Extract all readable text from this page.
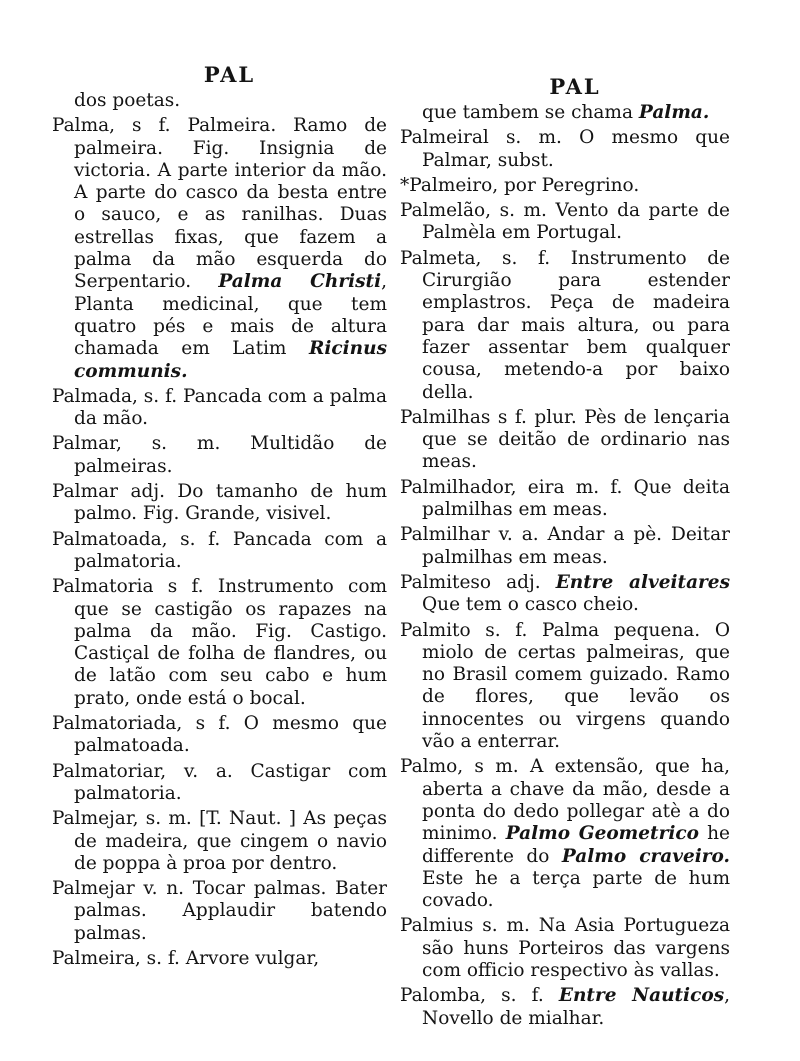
PAL

dos poetas.

Palma, s f. Palmeira. Ramo de palmeira. Fig. Insignia de victoria. A parte interior da mão. A parte do casco da besta entre o sauco, e as ranilhas. Duas estrellas fixas, que fazem a palma da mão esquerda do Serpentario. Palma Christi, Planta medicinal, que tem quatro pés e mais de altura chamada em Latim Ricinus communis.

Palmada, s. f. Pancada com a palma da mão.

Palmar, s. m. Multidão de palmeiras.

Palmar adj. Do tamanho de hum palmo. Fig. Grande, visivel.

Palmatoada, s. f. Pancada com a palmatoria.

Palmatoria s f. Instrumento com que se castigão os rapazes na palma da mão. Fig. Castigo. Castiçal de folha de flandres, ou de latão com seu cabo e hum prato, onde está o bocal.

Palmatoriada, s f. O mesmo que palmatoada.

Palmatoriar, v. a. Castigar com palmatoria.

Palmejar, s. m. [T. Naut. ] As peças de madeira, que cingem o navio de poppa à proa por dentro.

Palmejar v. n. Tocar palmas. Bater palmas. Applaudir batendo palmas.

Palmeira, s. f. Arvore vulgar,

PAL

que tambem se chama Palma.

Palmeiral s. m. O mesmo que Palmar, subst.

*Palmeiro, por Peregrino.

Palmelão, s. m. Vento da parte de Palmèla em Portugal.

Palmeta, s. f. Instrumento de Cirurgião para estender emplastros. Peça de madeira para dar mais altura, ou para fazer assentar bem qualquer cousa, metendo-a por baixo della.

Palmilhas s f. plur. Pès de lençaria que se deitão de ordinario nas meas.

Palmilhador, eira m. f. Que deita palmilhas em meas.

Palmilhar v. a. Andar a pè. Deitar palmilhas em meas.

Palmiteso adj. Entre alveitares Que tem o casco cheio.

Palmito s. f. Palma pequena. O miolo de certas palmeiras, que no Brasil comem guizado. Ramo de flores, que levão os innocentes ou virgens quando vão a enterrar.

Palmo, s m. A extensão, que ha, aberta a chave da mão, desde a ponta do dedo pollegar atè a do minimo. Palmo Geometrico he differente do Palmo craveiro. Este he a terça parte de hum covado.

Palmius s. m. Na Asia Portugueza são huns Porteiros das vargens com officio respectivo às vallas.

Palomba, s. f. Entre Nauticos, Novello de mialhar.
